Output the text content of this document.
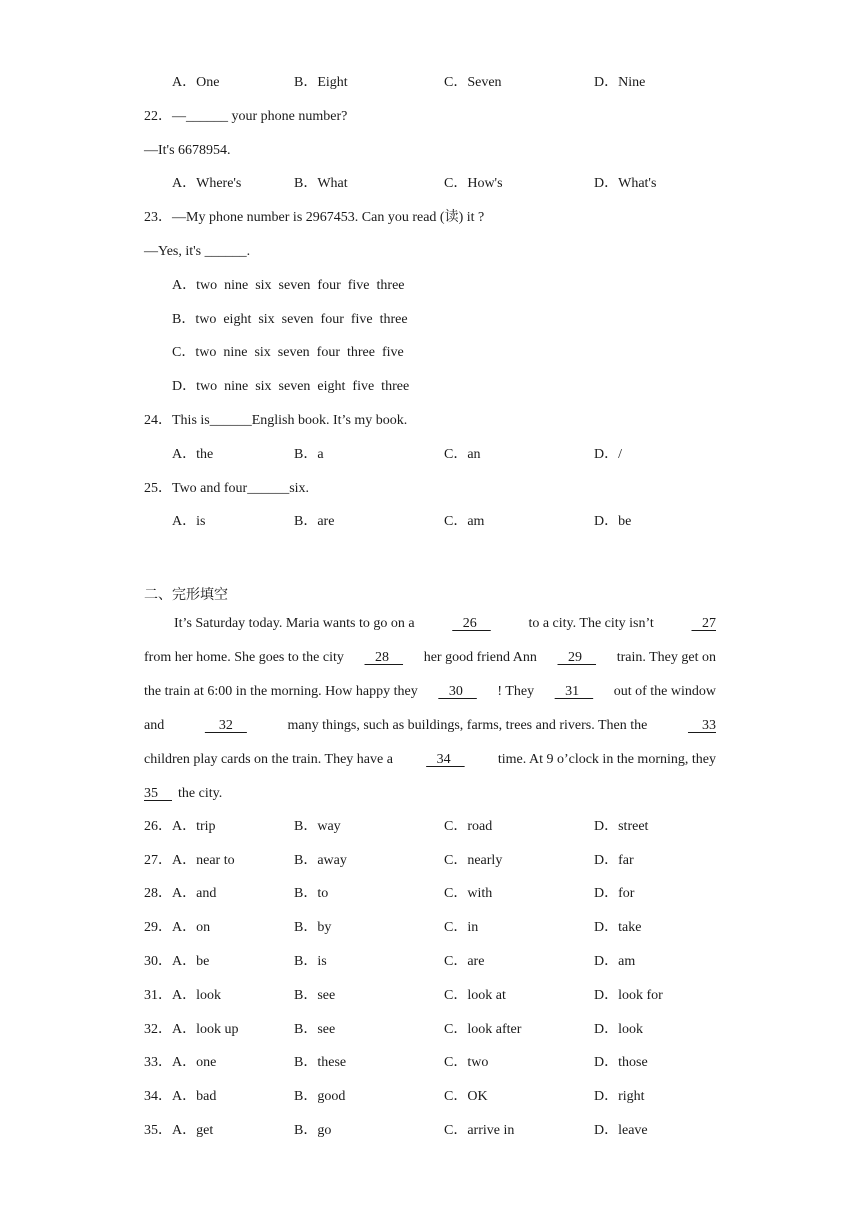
A．One	B．Eight	C．Seven	D．Nine
22．—______ your phone number?
—It's 6678954.
A．Where's	B．What	C．How's	D．What's
23．—My phone number is 2967453. Can you read (读) it ?
—Yes, it's ______.
A．two  nine  six  seven  four  five  three
B．two  eight  six  seven  four  five  three
C．two  nine  six  seven  four  three  five
D．two  nine  six  seven  eight  five  three
24．This is______English book. It’s my book.
A．the	B．a	C．an	D．/
25．Two and four______six.
A．is	B．are	C．am	D．be
二、完形填空
It’s Saturday today. Maria wants to go on a	26	to a city. The city isn’t	27
from her home. She goes to the city 28 her good friend Ann 29 train. They get on
the train at 6:00 in the morning. How happy they 30 ! They 31 out of the window
and	32	many things, such as buildings, farms, trees and rivers. Then the	33
children play cards on the train. They have a 34 time. At 9 o’clock in the morning, they
35 the city.
26．A．trip	B．way	C．road	D．street
27．A．near to	B．away	C．nearly	D．far
28．A．and	B．to	C．with	D．for
29．A．on	B．by	C．in	D．take
30．A．be	B．is	C．are	D．am
31．A．look	B．see	C．look at	D．look for
32．A．look up	B．see	C．look after	D．look
33．A．one	B．these	C．two	D．those
34．A．bad	B．good	C．OK	D．right
35．A．get	B．go	C．arrive in	D．leave
